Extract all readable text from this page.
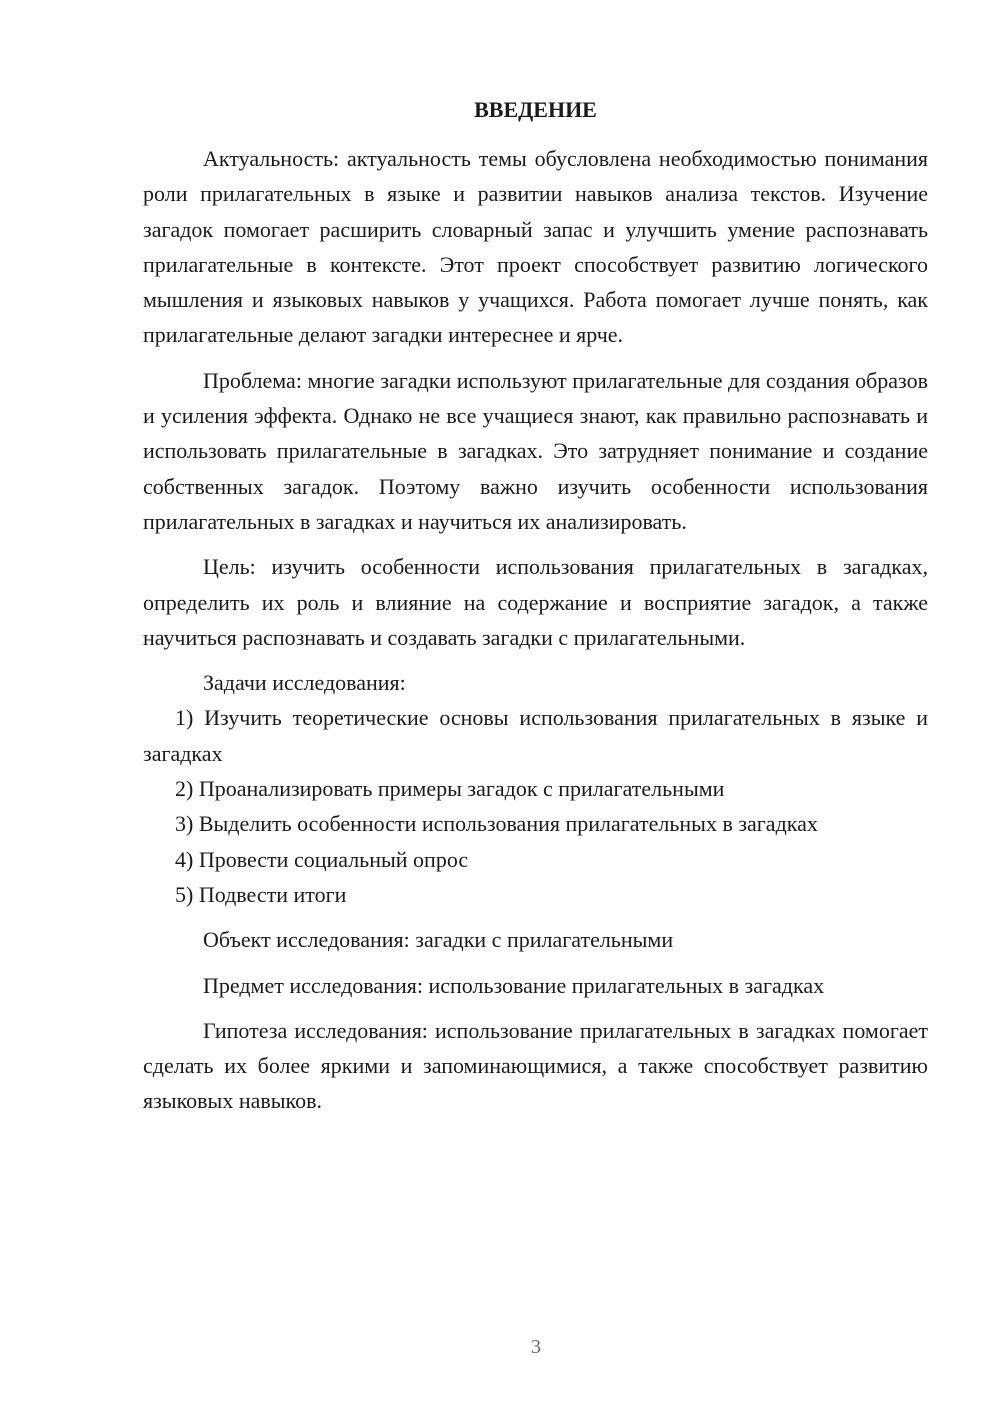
ВВЕДЕНИЕ

Актуальность: актуальность темы обусловлена необходимостью понимания роли прилагательных в языке и развитии навыков анализа текстов. Изучение загадок помогает расширить словарный запас и улучшить умение распознавать прилагательные в контексте. Этот проект способствует развитию логического мышления и языковых навыков у учащихся. Работа помогает лучше понять, как прилагательные делают загадки интереснее и ярче.

Проблема: многие загадки используют прилагательные для создания образов и усиления эффекта. Однако не все учащиеся знают, как правильно распознавать и использовать прилагательные в загадках. Это затрудняет понимание и создание собственных загадок. Поэтому важно изучить особенности использования прилагательных в загадках и научиться их анализировать.

Цель: изучить особенности использования прилагательных в загадках, определить их роль и влияние на содержание и восприятие загадок, а также научиться распознавать и создавать загадки с прилагательными.

Задачи исследования:

1) Изучить теоретические основы использования прилагательных в языке и загадках

2) Проанализировать примеры загадок с прилагательными

3) Выделить особенности использования прилагательных в загадках

4) Провести социальный опрос

5) Подвести итоги

Объект исследования: загадки с прилагательными

Предмет исследования: использование прилагательных в загадках

Гипотеза исследования: использование прилагательных в загадках помогает сделать их более яркими и запоминающимися, а также способствует развитию языковых навыков.

3
